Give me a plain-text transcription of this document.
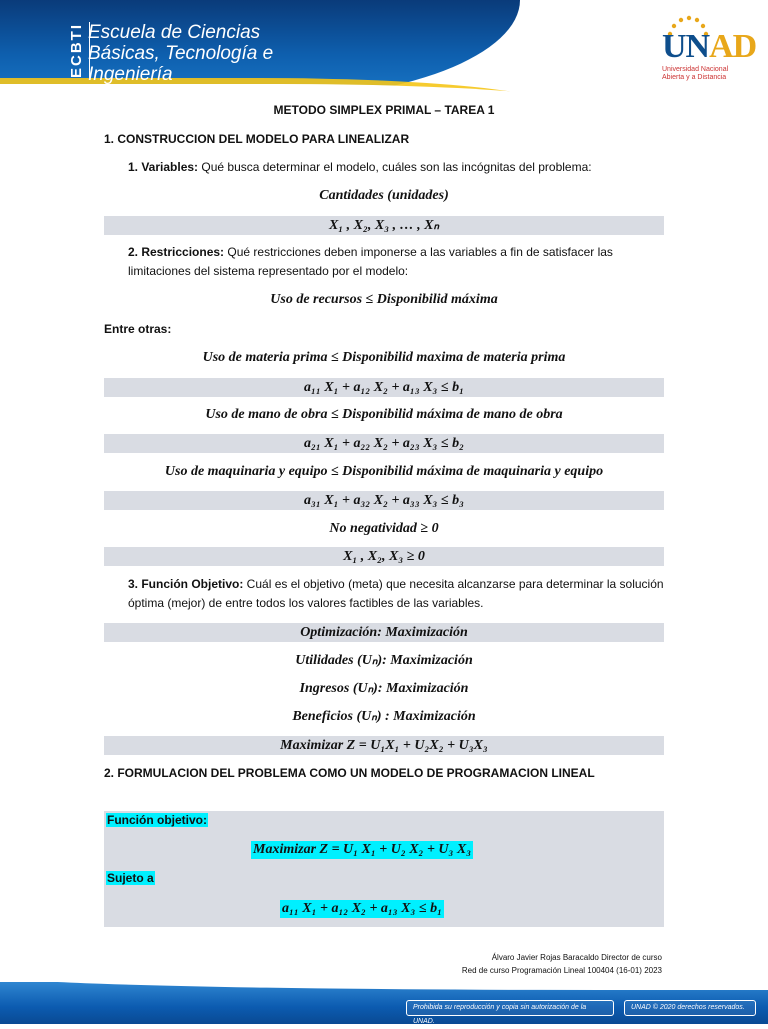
ECBTI Escuela de Ciencias
Básicas, Tecnología e
Ingeniería
UNAD
Universidad Nacional
Abierta y a Distancia
METODO SIMPLEX PRIMAL – TAREA 1
1. CONSTRUCCION DEL MODELO PARA LINEALIZAR
1. Variables: Qué busca determinar el modelo, cuáles son las incógnitas del problema:
Cantidades (unidades)
X₁ , X₂, X₃ , … , Xₙ
2. Restricciones: Qué restricciones deben imponerse a las variables a fin de satisfacer las limitaciones del sistema representado por el modelo:
Uso de recursos ≤ Disponibilid máxima
Entre otras:
Uso de materia prima ≤ Disponibilid maxima de materia prima
a₁₁ X₁ + a₁₂ X₂ + a₁₃ X₃ ≤ b₁
Uso de mano de obra ≤ Disponibilid máxima de mano de obra
a₂₁ X₁ + a₂₂ X₂ + a₂₃ X₃ ≤ b₂
Uso de maquinaria y equipo ≤ Disponibilid máxima de maquinaria y equipo
a₃₁ X₁ + a₃₂ X₂ + a₃₃ X₃ ≤ b₃
No negatividad ≥ 0
X₁ , X₂, X₃ ≥ 0
3. Función Objetivo: Cuál es el objetivo (meta) que necesita alcanzarse para determinar la solución óptima (mejor) de entre todos los valores factibles de las variables.
Optimización: Maximización
Utilidades (Uₙ): Maximización
Ingresos (Uₙ): Maximización
Beneficios (Uₙ) : Maximización
Maximizar Z = U₁X₁ + U₂X₂ + U₃X₃
2. FORMULACION DEL PROBLEMA COMO UN MODELO DE PROGRAMACION LINEAL
Función objetivo:
Maximizar Z = U₁ X₁ + U₂ X₂ + U₃ X₃
Sujeto a
a₁₁ X₁ + a₁₂ X₂ + a₁₃ X₃ ≤ b₁
Álvaro Javier Rojas Baracaldo Director de curso
Red de curso Programación Lineal 100404 (16-01) 2023
Prohibida su reproducción y copia sin autorización de la UNAD.
UNAD © 2020 derechos reservados.
